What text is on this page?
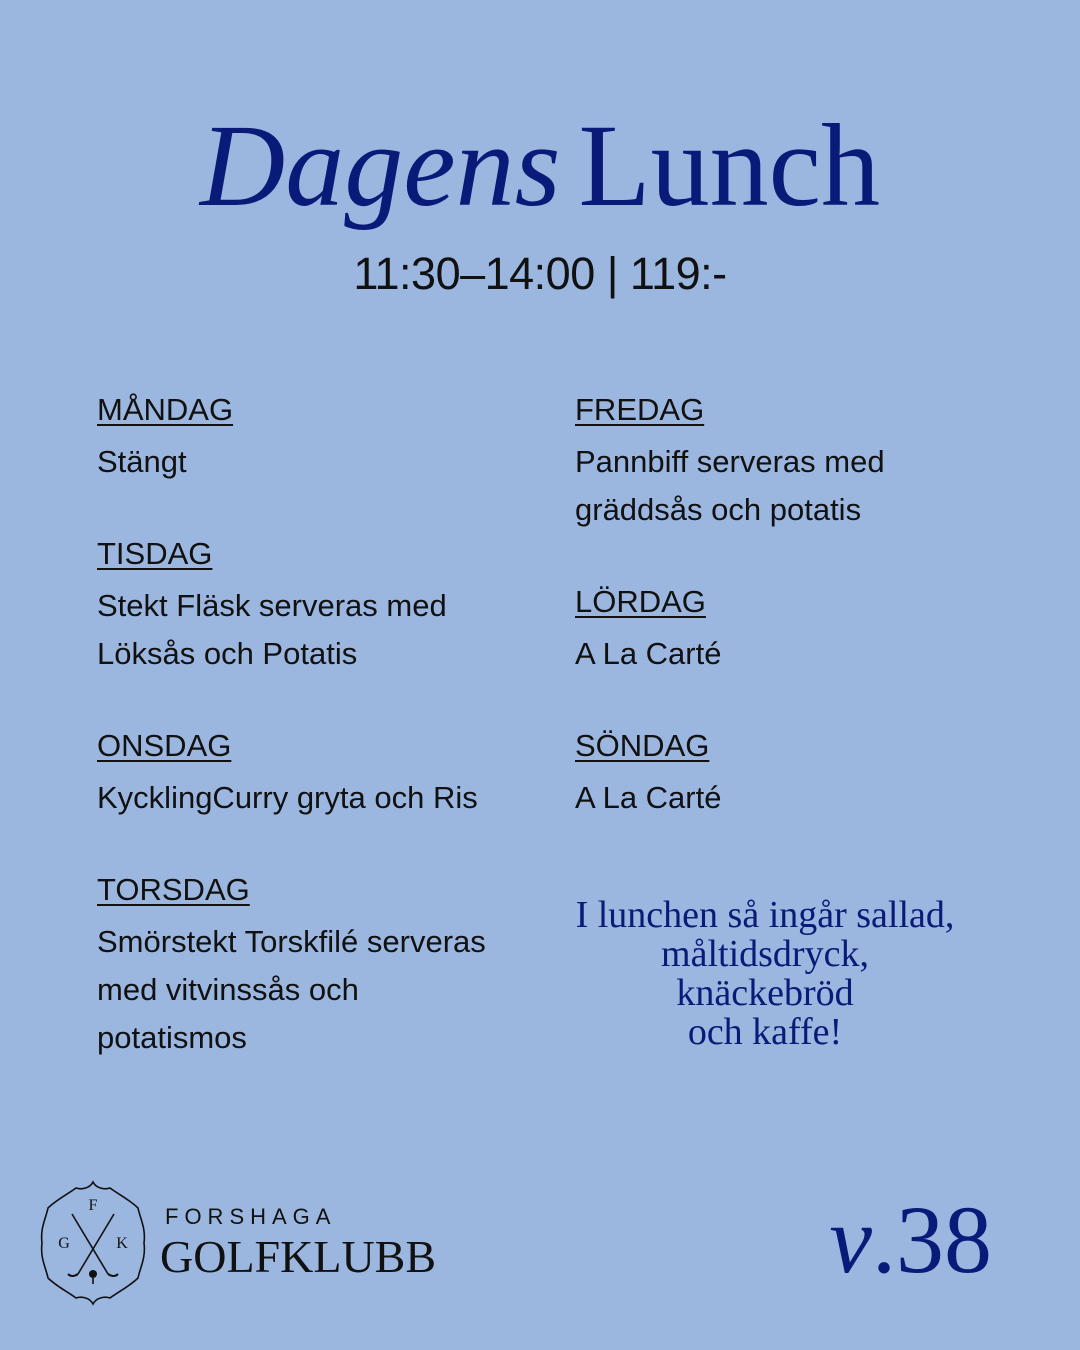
Dagens Lunch
11:30–14:00 | 119:-
MÅNDAG
Stängt
TISDAG
Stekt Fläsk serveras med
Löksås och Potatis
ONSDAG
KycklingCurry gryta och Ris
TORSDAG
Smörstekt Torskfilé serveras
med vitvinssås och
potatismos
FREDAG
Pannbiff serveras med
gräddsås och potatis
LÖRDAG
A La Carté
SÖNDAG
A La Carté
I lunchen så ingår sallad,
måltidsdryck,
knäckebröd
och kaffe!
F
G	K
FORSHAGA
GOLFKLUBB	v.38
